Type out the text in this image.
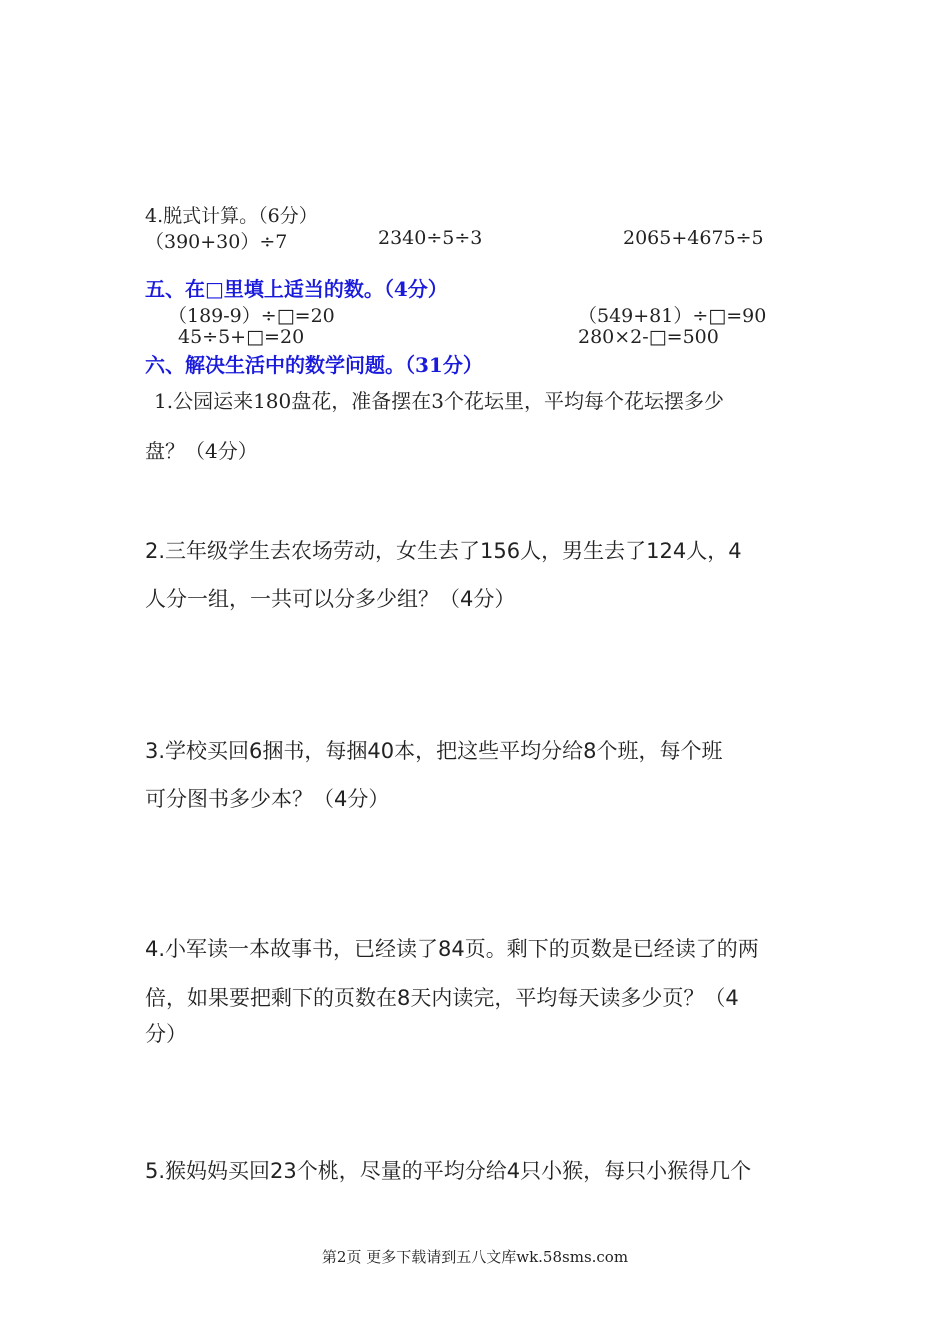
4.脱式计算。（6分）
（390+30）÷7	2340÷5÷3	2065+4675÷5
五、在□里填上适当的数。（4分）
（189-9）÷□=20	（549+81）÷□=90
45÷5+□=20	280×2-□=500
六、解决生活中的数学问题。（31分）
1.公园运来180盘花，准备摆在3个花坛里，平均每个花坛摆多少
盘？（4分）
2.三年级学生去农场劳动，女生去了156人，男生去了124人，4
人分一组，一共可以分多少组？（4分）
3.学校买回6捆书，每捆40本，把这些平均分给8个班，每个班
可分图书多少本？（4分）
4.小军读一本故事书，已经读了84页。剩下的页数是已经读了的两
倍，如果要把剩下的页数在8天内读完，平均每天读多少页？（4
分）
5.猴妈妈买回23个桃，尽量的平均分给4只小猴，每只小猴得几个
第2页 更多下载请到五八文库wk.58sms.com
